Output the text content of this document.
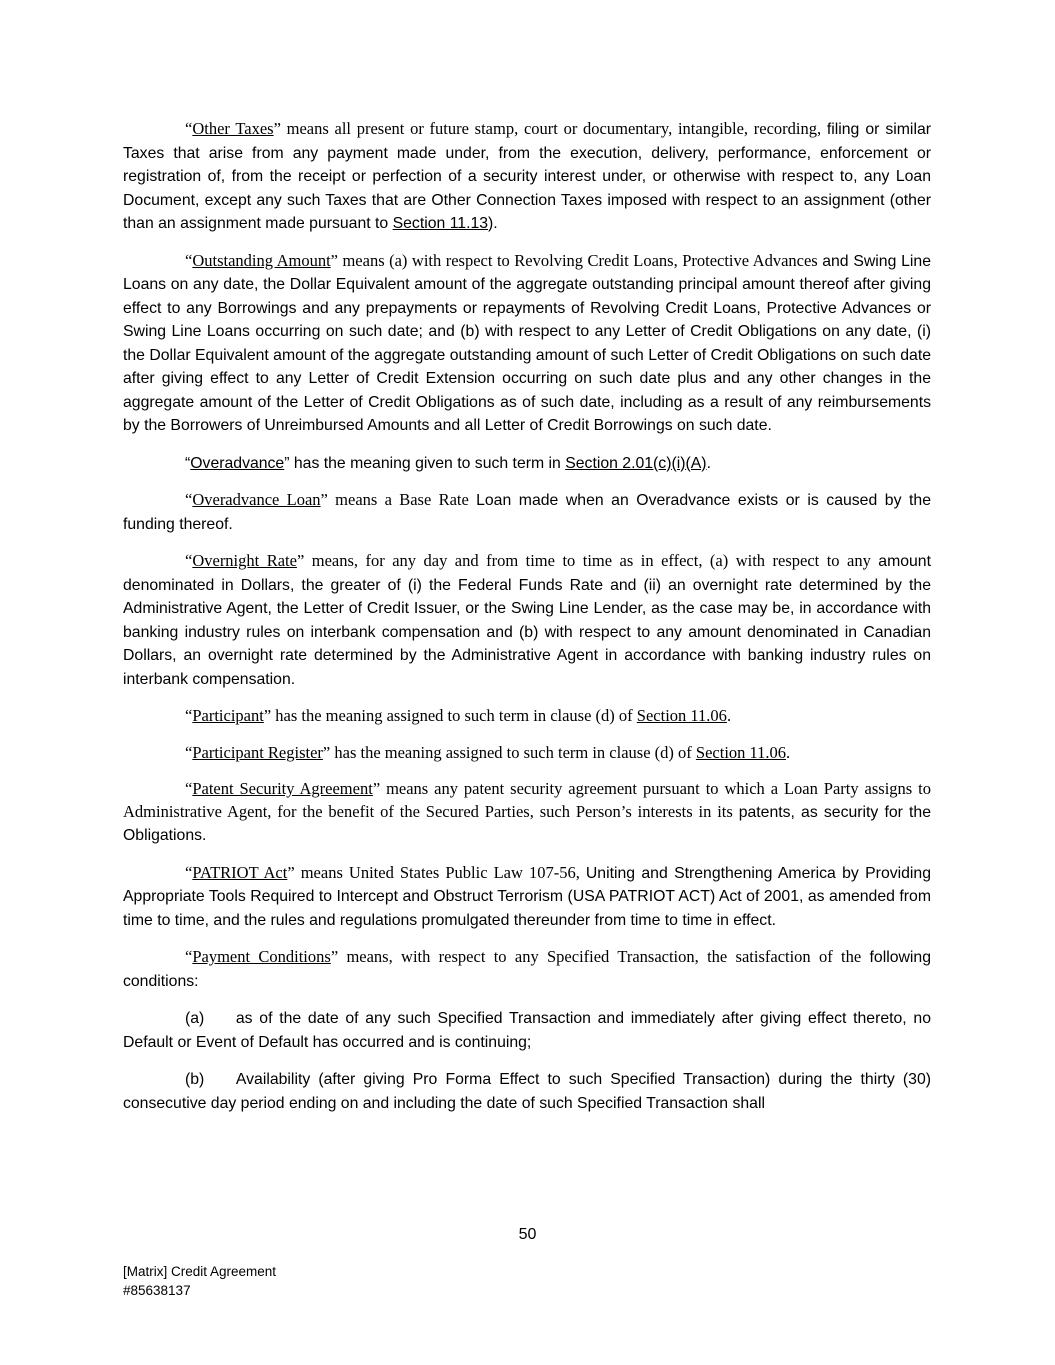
“Other Taxes” means all present or future stamp, court or documentary, intangible, recording, filing or similar Taxes that arise from any payment made under, from the execution, delivery, performance, enforcement or registration of, from the receipt or perfection of a security interest under, or otherwise with respect to, any Loan Document, except any such Taxes that are Other Connection Taxes imposed with respect to an assignment (other than an assignment made pursuant to Section 11.13).

“Outstanding Amount” means (a) with respect to Revolving Credit Loans, Protective Advances and Swing Line Loans on any date, the Dollar Equivalent amount of the aggregate outstanding principal amount thereof after giving effect to any Borrowings and any prepayments or repayments of Revolving Credit Loans, Protective Advances or Swing Line Loans occurring on such date; and (b) with respect to any Letter of Credit Obligations on any date, (i) the Dollar Equivalent amount of the aggregate outstanding amount of such Letter of Credit Obligations on such date after giving effect to any Letter of Credit Extension occurring on such date plus and any other changes in the aggregate amount of the Letter of Credit Obligations as of such date, including as a result of any reimbursements by the Borrowers of Unreimbursed Amounts and all Letter of Credit Borrowings on such date.

“Overadvance” has the meaning given to such term in Section 2.01(c)(i)(A).

“Overadvance Loan” means a Base Rate Loan made when an Overadvance exists or is caused by the funding thereof.

“Overnight Rate” means, for any day and from time to time as in effect, (a) with respect to any amount denominated in Dollars, the greater of (i) the Federal Funds Rate and (ii) an overnight rate determined by the Administrative Agent, the Letter of Credit Issuer, or the Swing Line Lender, as the case may be, in accordance with banking industry rules on interbank compensation and (b) with respect to any amount denominated in Canadian Dollars, an overnight rate determined by the Administrative Agent in accordance with banking industry rules on interbank compensation.

“Participant” has the meaning assigned to such term in clause (d) of Section 11.06.

“Participant Register” has the meaning assigned to such term in clause (d) of Section 11.06.

“Patent Security Agreement” means any patent security agreement pursuant to which a Loan Party assigns to Administrative Agent, for the benefit of the Secured Parties, such Person’s interests in its patents, as security for the Obligations.

“PATRIOT Act” means United States Public Law 107-56, Uniting and Strengthening America by Providing Appropriate Tools Required to Intercept and Obstruct Terrorism (USA PATRIOT ACT) Act of 2001, as amended from time to time, and the rules and regulations promulgated thereunder from time to time in effect.

“Payment Conditions” means, with respect to any Specified Transaction, the satisfaction of the following conditions:

(a)  as of the date of any such Specified Transaction and immediately after giving effect thereto, no Default or Event of Default has occurred and is continuing;

(b)  Availability (after giving Pro Forma Effect to such Specified Transaction) during the thirty (30) consecutive day period ending on and including the date of such Specified Transaction shall

50
[Matrix] Credit Agreement
#85638137
